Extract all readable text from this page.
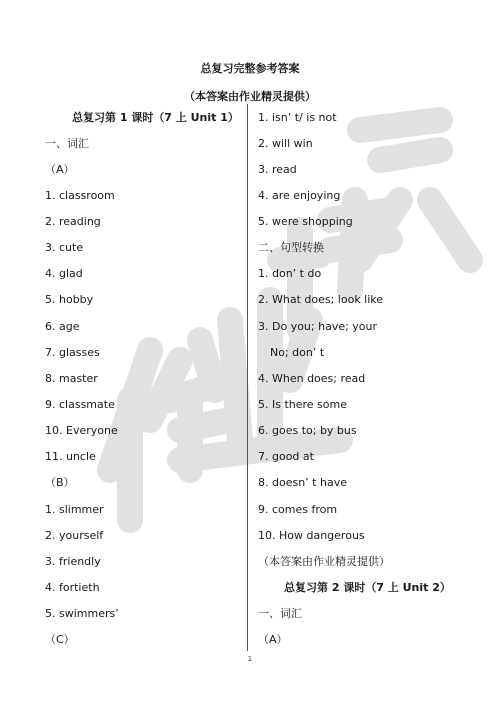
总复习完整参考答案
（本答案由作业精灵提供）
总复习第 1 课时（7 上 Unit 1）
一、词汇
（A）
1. classroom
2. reading
3. cute
4. glad
5. hobby
6. age
7. glasses
8. master
9. classmate
10. Everyone
11. uncle
（B）
1. slimmer
2. yourself
3. friendly
4. fortieth
5. swimmers’
（C）
1. isn’ t/ is not
2. will win
3. read
4. are enjoying
5. were shopping
二、句型转换
1. don’ t do
2. What does; look like
3. Do you; have; your
No; don’ t
4. When does; read
5. Is there some
6. goes to; by bus
7. good at
8. doesn’ t have
9. comes from
10. How dangerous
（本答案由作业精灵提供）
总复习第 2 课时（7 上 Unit 2）
一、词汇
（A）
1
